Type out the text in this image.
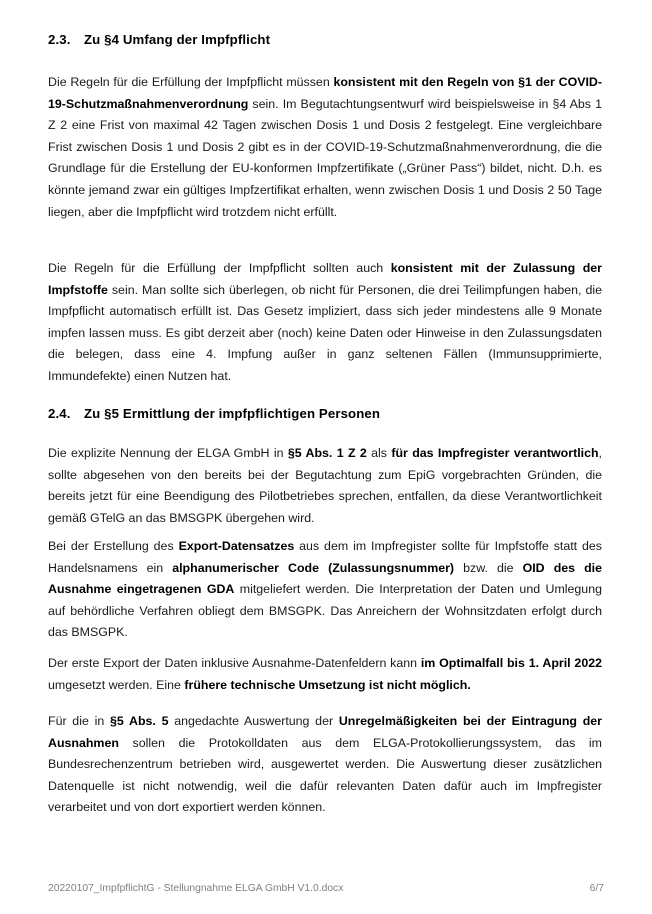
2.3.	Zu §4 Umfang der Impfpflicht

Die Regeln für die Erfüllung der Impfpflicht müssen konsistent mit den Regeln von §1 der COVID-19-Schutzmaßnahmenverordnung sein. Im Begutachtungsentwurf wird beispielsweise in §4 Abs 1 Z 2 eine Frist von maximal 42 Tagen zwischen Dosis 1 und Dosis 2 festgelegt. Eine vergleichbare Frist zwischen Dosis 1 und Dosis 2 gibt es in der COVID-19-Schutzmaßnahmenverordnung, die die Grundlage für die Erstellung der EU-konformen Impfzertifikate („Grüner Pass“) bildet, nicht. D.h. es könnte jemand zwar ein gültiges Impfzertifikat erhalten, wenn zwischen Dosis 1 und Dosis 2 50 Tage liegen, aber die Impfpflicht wird trotzdem nicht erfüllt.

Die Regeln für die Erfüllung der Impfpflicht sollten auch konsistent mit der Zulassung der Impfstoffe sein. Man sollte sich überlegen, ob nicht für Personen, die drei Teilimpfungen haben, die Impfpflicht automatisch erfüllt ist. Das Gesetz impliziert, dass sich jeder mindestens alle 9 Monate impfen lassen muss. Es gibt derzeit aber (noch) keine Daten oder Hinweise in den Zulassungsdaten die belegen, dass eine 4. Impfung außer in ganz seltenen Fällen (Immunsupprimierte, Immundefekte) einen Nutzen hat.

2.4.	Zu §5 Ermittlung der impfpflichtigen Personen

Die explizite Nennung der ELGA GmbH in §5 Abs. 1 Z 2 als für das Impfregister verantwortlich, sollte abgesehen von den bereits bei der Begutachtung zum EpiG vorgebrachten Gründen, die bereits jetzt für eine Beendigung des Pilotbetriebes sprechen, entfallen, da diese Verantwortlichkeit gemäß GTelG an das BMSGPK übergehen wird.

Bei der Erstellung des Export-Datensatzes aus dem im Impfregister sollte für Impfstoffe statt des Handelsnamens ein alphanumerischer Code (Zulassungsnummer) bzw. die OID des die Ausnahme eingetragenen GDA mitgeliefert werden. Die Interpretation der Daten und Umlegung auf behördliche Verfahren obliegt dem BMSGPK. Das Anreichern der Wohnsitzdaten erfolgt durch das BMSGPK.

Der erste Export der Daten inklusive Ausnahme-Datenfeldern kann im Optimalfall bis 1. April 2022 umgesetzt werden. Eine frühere technische Umsetzung ist nicht möglich.

Für die in §5 Abs. 5 angedachte Auswertung der Unregelmäßigkeiten bei der Eintragung der Ausnahmen sollen die Protokolldaten aus dem ELGA-Protokollierungssystem, das im Bundesrechenzentrum betrieben wird, ausgewertet werden. Die Auswertung dieser zusätzlichen Datenquelle ist nicht notwendig, weil die dafür relevanten Daten dafür auch im Impfregister verarbeitet und von dort exportiert werden können.

20220107_ImpfpflichtG - Stellungnahme ELGA GmbH V1.0.docx	6/7
